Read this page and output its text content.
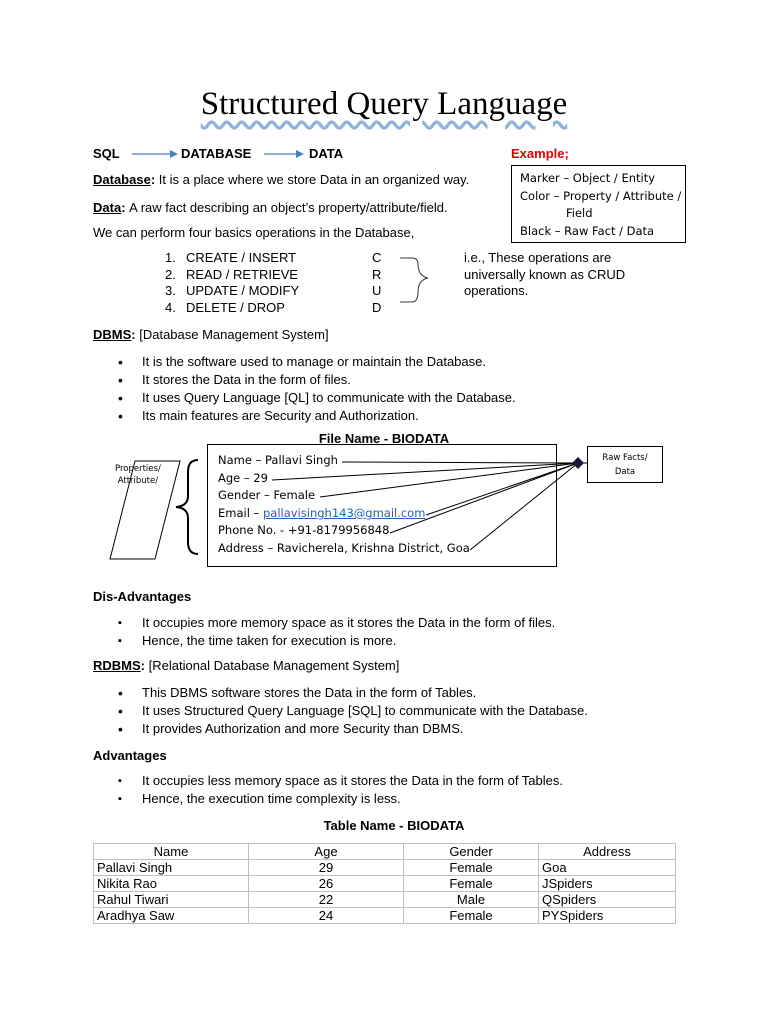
Structured Query Language
SQL	DATABASE	DATA	Example;
Marker – Object / Entity
Color – Property / Attribute /
Field
Black – Raw Fact / Data
Database: It is a place where we store Data in an organized way.
Data: A raw fact describing an object’s property/attribute/field.
We can perform four basics operations in the Database,
1. CREATE / INSERT
2. READ / RETRIEVE
3. UPDATE / MODIFY
4. DELETE / DROP
C
R
U
D
i.e., These operations are
universally known as CRUD
operations.
DBMS: [Database Management System]
• It is the software used to manage or maintain the Database.
• It stores the Data in the form of files.
• It uses Query Language [QL] to communicate with the Database.
• Its main features are Security and Authorization.
File Name - BIODATA
Properties/
Attribute/
Name – Pallavi Singh
Age – 29
Gender – Female
Email – pallavisingh143@gmail.com
Phone No. - +91-8179956848
Address – Ravicherela, Krishna District, Goa
Raw Facts/
Data
Dis-Advantages
▪ It occupies more memory space as it stores the Data in the form of files.
▪ Hence, the time taken for execution is more.
RDBMS: [Relational Database Management System]
• This DBMS software stores the Data in the form of Tables.
• It uses Structured Query Language [SQL] to communicate with the Database.
• It provides Authorization and more Security than DBMS.
Advantages
▪ It occupies less memory space as it stores the Data in the form of Tables.
▪ Hence, the execution time complexity is less.
Table Name - BIODATA
Name	Age	Gender	Address
Pallavi Singh	29	Female	Goa
Nikita Rao	26	Female	JSpiders
Rahul Tiwari	22	Male	QSpiders
Aradhya Saw	24	Female	PYSpiders
